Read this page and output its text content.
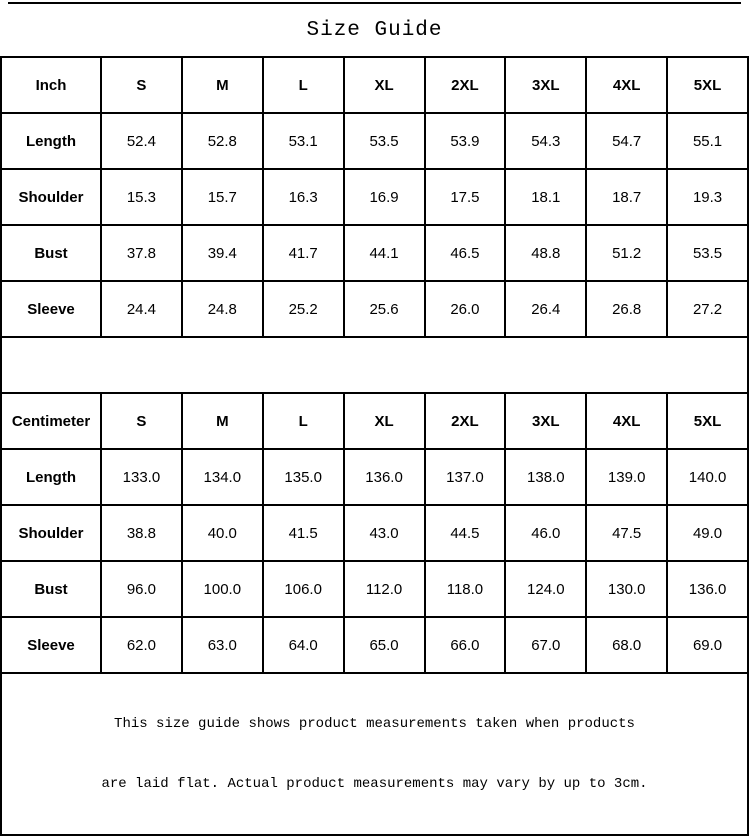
Size Guide
Inch	S	M	L	XL	2XL	3XL	4XL	5XL
Length	52.4	52.8	53.1	53.5	53.9	54.3	54.7	55.1
Shoulder	15.3	15.7	16.3	16.9	17.5	18.1	18.7	19.3
Bust	37.8	39.4	41.7	44.1	46.5	48.8	51.2	53.5
Sleeve	24.4	24.8	25.2	25.6	26.0	26.4	26.8	27.2

Centimeter	S	M	L	XL	2XL	3XL	4XL	5XL
Length	133.0	134.0	135.0	136.0	137.0	138.0	139.0	140.0
Shoulder	38.8	40.0	41.5	43.0	44.5	46.0	47.5	49.0
Bust	96.0	100.0	106.0	112.0	118.0	124.0	130.0	136.0
Sleeve	62.0	63.0	64.0	65.0	66.0	67.0	68.0	69.0

This size guide shows product measurements taken when products

are laid flat. Actual product measurements may vary by up to 3cm.								
